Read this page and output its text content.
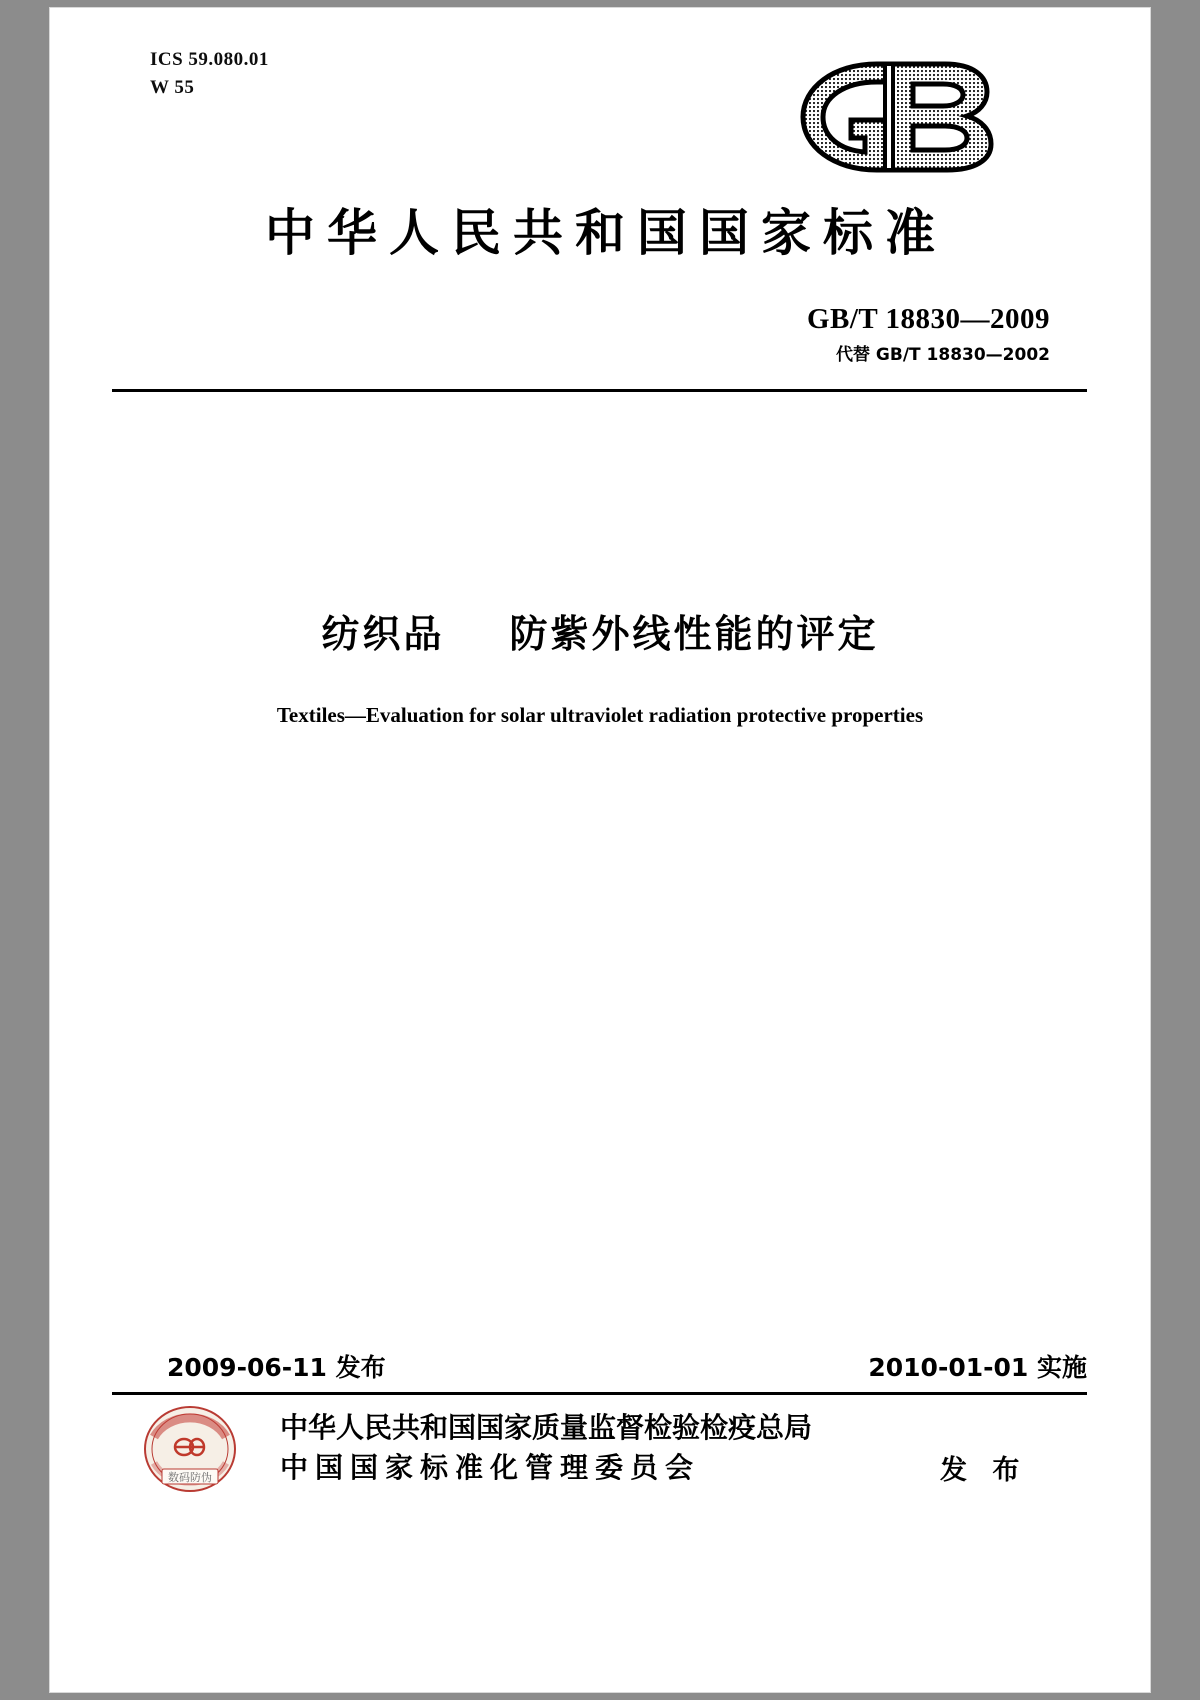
ICS 59.080.01
W 55
中华人民共和国国家标准
GB/T 18830—2009
代替 GB/T 18830—2002
纺织品    防紫外线性能的评定
Textiles—Evaluation for solar ultraviolet radiation protective properties
2009-06-11 发布	2010-01-01 实施
数码防伪
中华人民共和国国家质量监督检验检疫总局
中国国家标准化管理委员会	发 布
